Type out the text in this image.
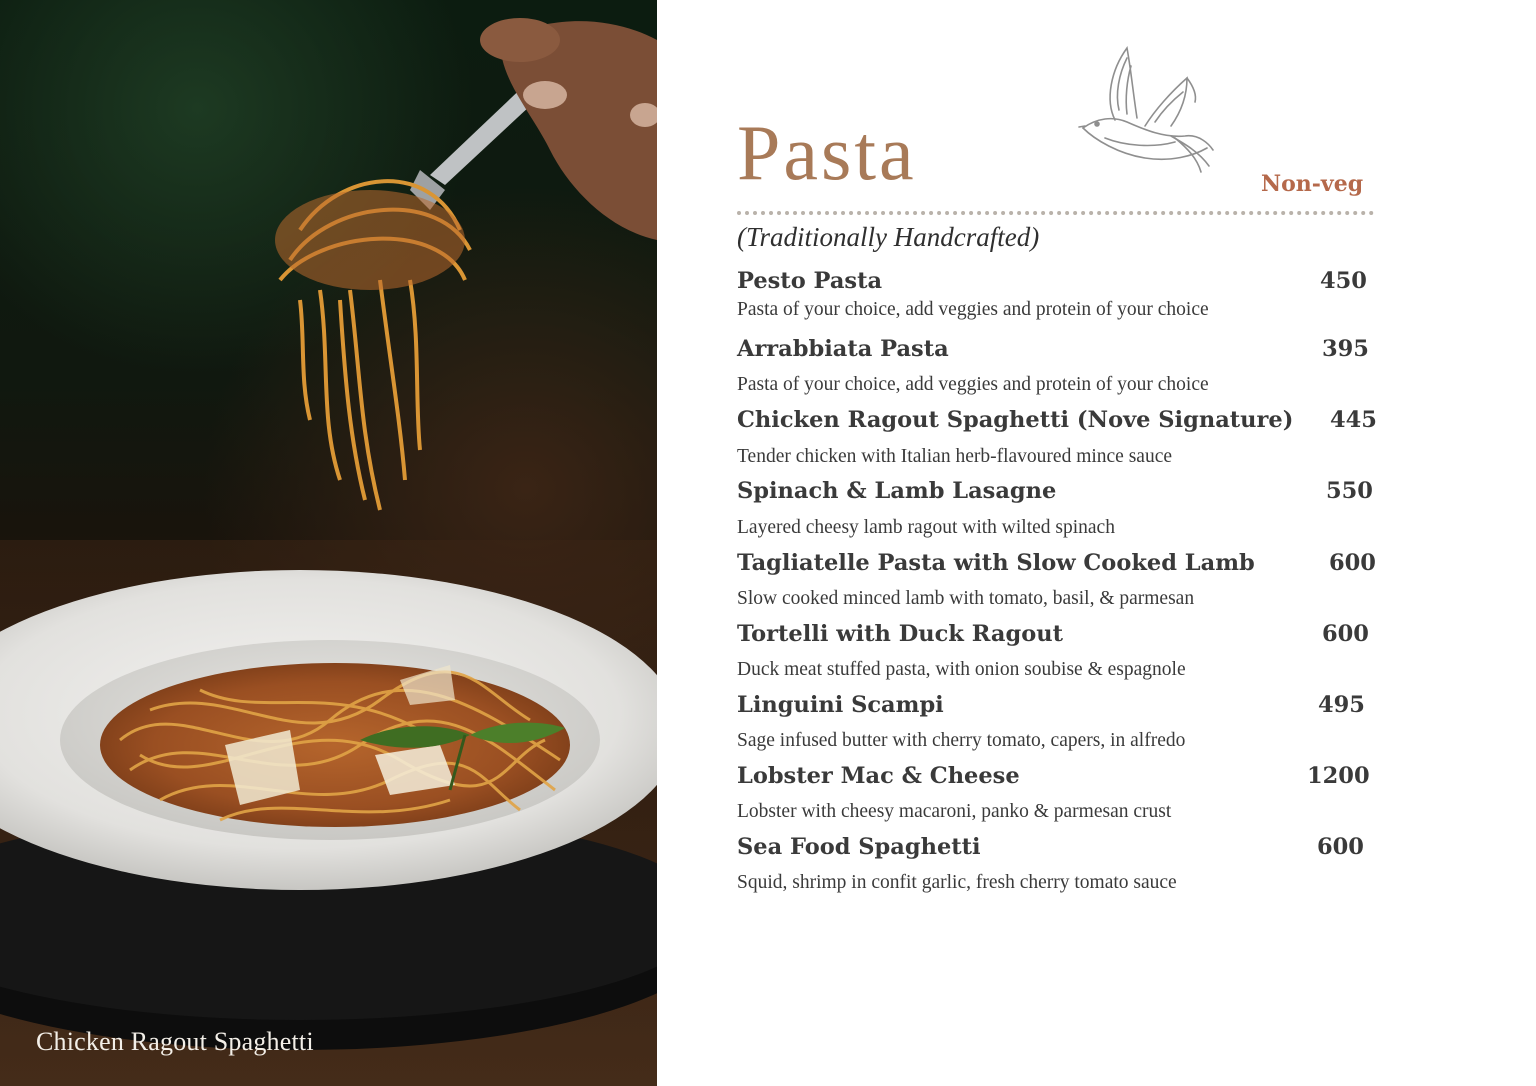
Chicken Ragout Spaghetti
Pasta	Non-veg
(Traditionally Handcrafted)
Pesto Pasta	450
Pasta of your choice, add veggies and protein of your choice
Arrabbiata Pasta	395
Pasta of your choice, add veggies and protein of your choice
Chicken Ragout Spaghetti (Nove Signature) 445
Tender chicken with Italian herb-flavoured mince sauce
Spinach & Lamb Lasagne	550
Layered cheesy lamb ragout with wilted spinach
Tagliatelle Pasta with Slow Cooked Lamb	600
Slow cooked minced lamb with tomato, basil, & parmesan
Tortelli with Duck Ragout	600
Duck meat stuffed pasta, with onion soubise & espagnole
Linguini Scampi	495
Sage infused butter with cherry tomato, capers, in alfredo
Lobster Mac & Cheese	1200
Lobster with cheesy macaroni, panko & parmesan crust
Sea Food Spaghetti	600
Squid, shrimp in confit garlic, fresh cherry tomato sauce
